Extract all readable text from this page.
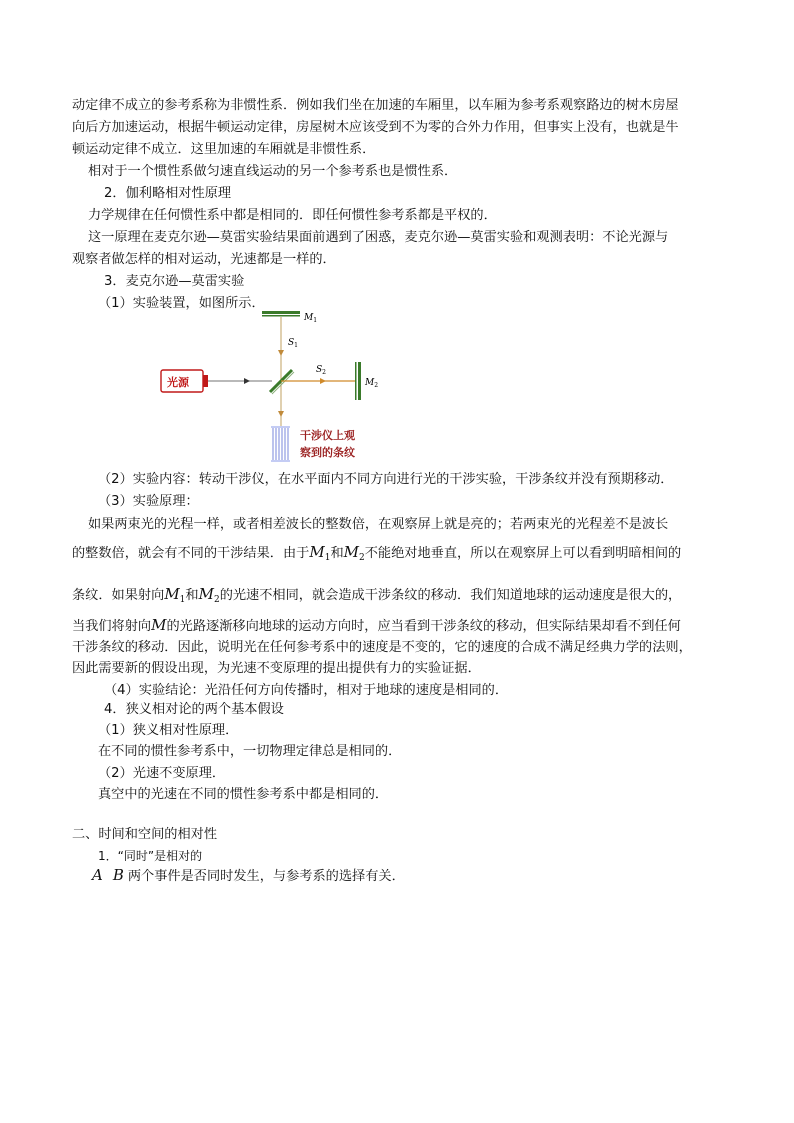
动定律不成立的参考系称为非惯性系．例如我们坐在加速的车厢里，以车厢为参考系观察路边的树木房屋
向后方加速运动，根据牛顿运动定律，房屋树木应该受到不为零的合外力作用，但事实上没有，也就是牛
顿运动定律不成立．这里加速的车厢就是非惯性系．
相对于一个惯性系做匀速直线运动的另一个参考系也是惯性系．
2．伽利略相对性原理
力学规律在任何惯性系中都是相同的．即任何惯性参考系都是平权的．
这一原理在麦克尔逊—莫雷实验结果面前遇到了困惑，麦克尔逊—莫雷实验和观测表明：不论光源与
观察者做怎样的相对运动，光速都是一样的．
3．麦克尔逊—莫雷实验
（1）实验装置，如图所示．
$M_1$
$S_1$
光源
$S_2$
$M_2$
干涉仪上观
察到的条纹
（2）实验内容：转动干涉仪，在水平面内不同方向进行光的干涉实验，干涉条纹并没有预期移动．
（3）实验原理：
如果两束光的光程一样，或者相差波长的整数倍，在观察屏上就是亮的；若两束光的光程差不是波长
的整数倍，就会有不同的干涉结果．由于$M_1$和$M_2$不能绝对地垂直，所以在观察屏上可以看到明暗相间的
条纹．如果射向$M_1$和$M_2$的光速不相同，就会造成干涉条纹的移动．我们知道地球的运动速度是很大的，
当我们将射向M的光路逐渐移向地球的运动方向时，应当看到干涉条纹的移动，但实际结果却看不到任何
干涉条纹的移动．因此，说明光在任何参考系中的速度是不变的，它的速度的合成不满足经典力学的法则，
因此需要新的假设出现，为光速不变原理的提出提供有力的实验证据．
（4）实验结论：光沿任何方向传播时，相对于地球的速度是相同的．
4．狭义相对论的两个基本假设
（1）狭义相对性原理．
在不同的惯性参考系中，一切物理定律总是相同的．
（2）光速不变原理．
真空中的光速在不同的惯性参考系中都是相同的．
二、时间和空间的相对性
1．“同时”是相对的
A B 两个事件是否同时发生，与参考系的选择有关．
